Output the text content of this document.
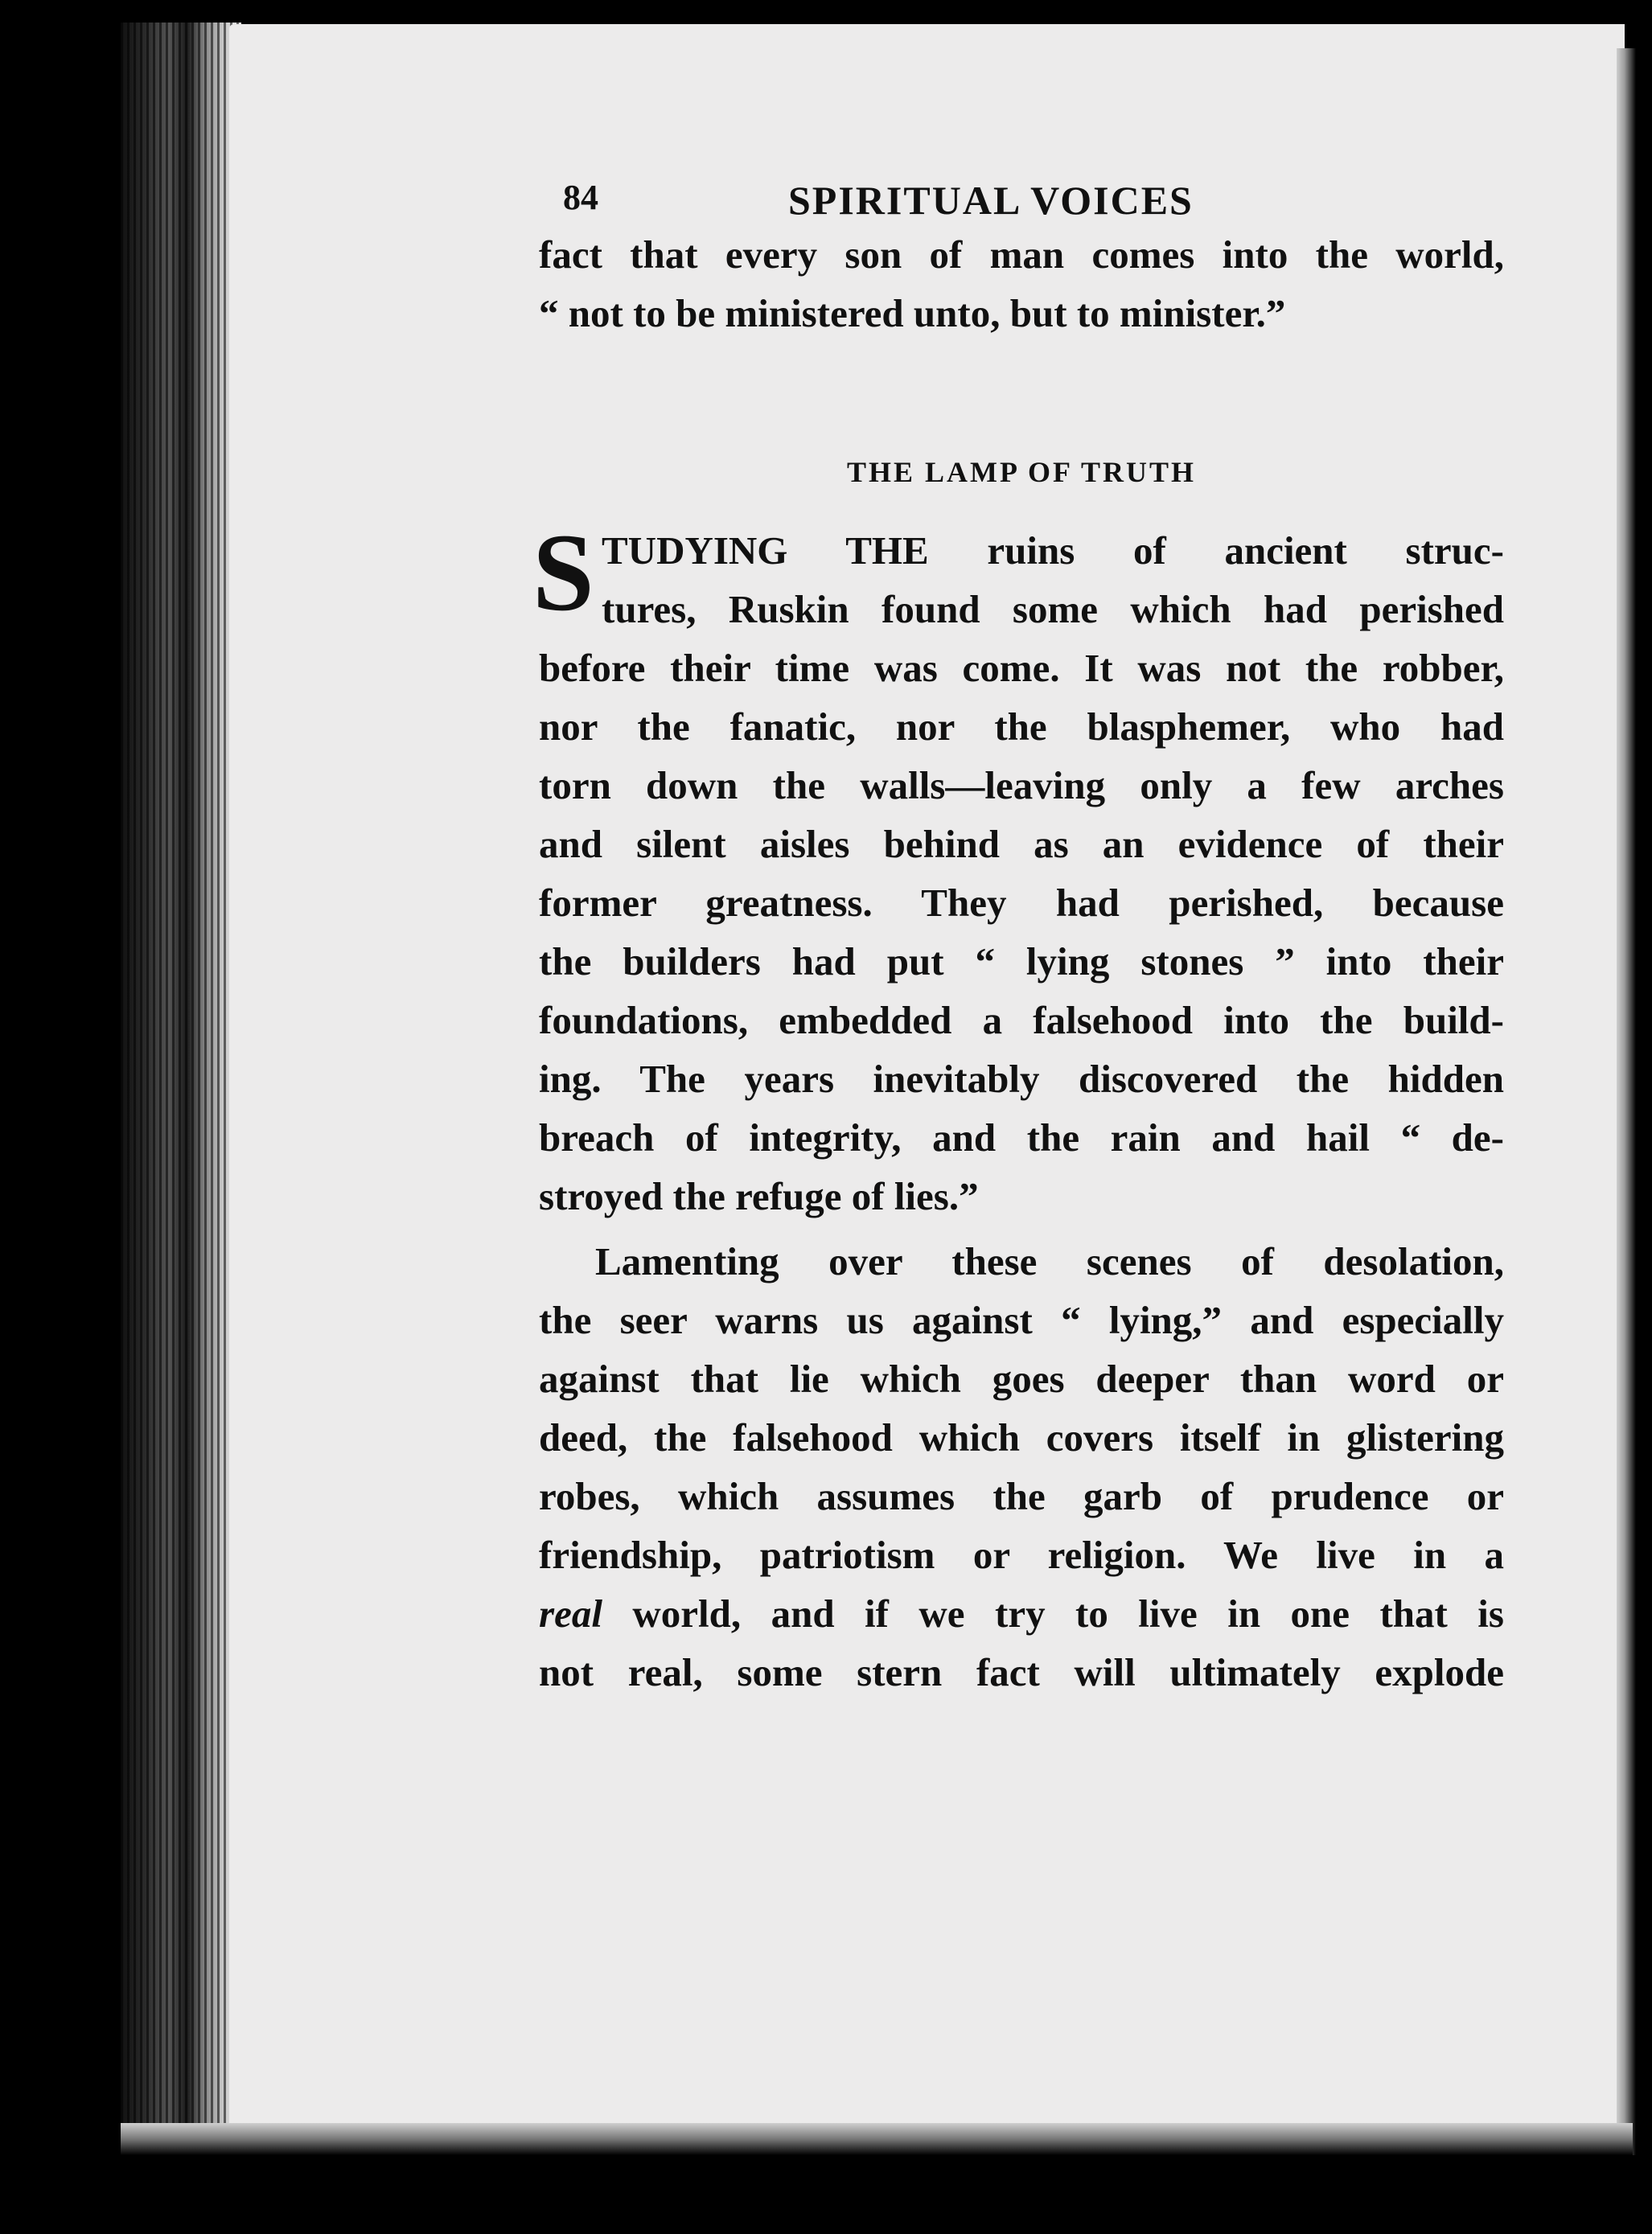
84	SPIRITUAL VOICES

fact that every son of man comes into the world,

“ not to be ministered unto, but to minister.”

THE LAMP OF TRUTH
S TUDYING THE ruins of ancient struc-

tures, Ruskin found some which had perished

before their time was come. It was not the robber,

nor the fanatic, nor the blasphemer, who had

torn down the walls—leaving only a few arches

and silent aisles behind as an evidence of their

former greatness. They had perished, because

the builders had put “ lying stones ” into their

foundations, embedded a falsehood into the build-

ing. The years inevitably discovered the hidden

breach of integrity, and the rain and hail “ de-

stroyed the refuge of lies.”

Lamenting over these scenes of desolation,

the seer warns us against “ lying,” and especially

against that lie which goes deeper than word or

deed, the falsehood which covers itself in glistering

robes, which assumes the garb of prudence or

friendship, patriotism or religion. We live in a

real world, and if we try to live in one that is

not real, some stern fact will ultimately explode
